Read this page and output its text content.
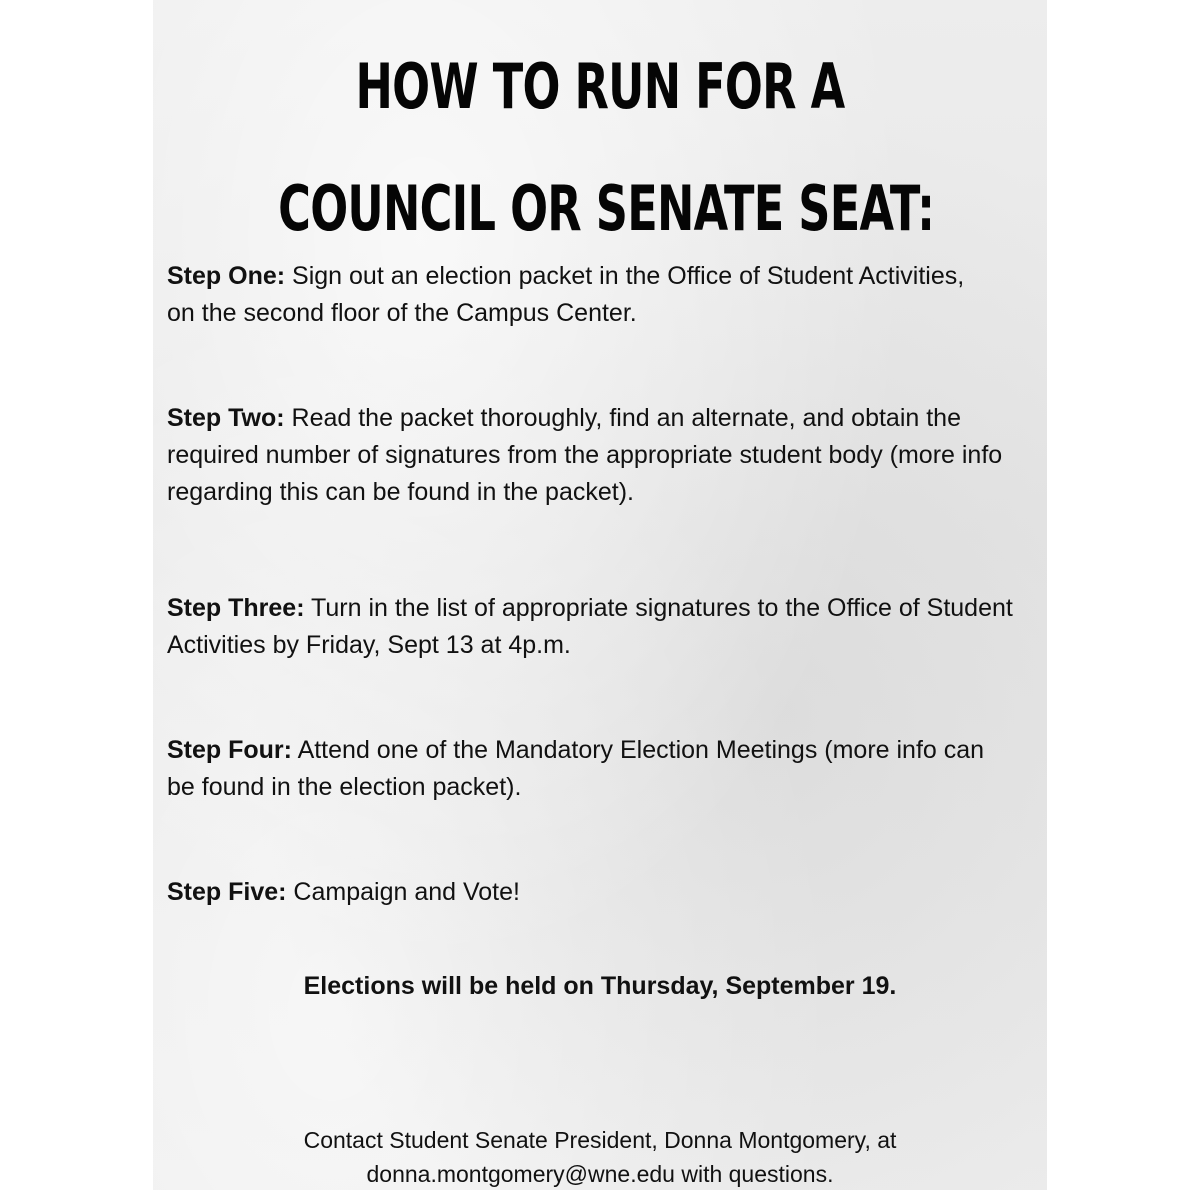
HOW TO RUN FOR A
COUNCIL OR SENATE SEAT:

Step One: Sign out an election packet in the Office of Student Activities, on the second floor of the Campus Center.

Step Two: Read the packet thoroughly, find an alternate, and obtain the required number of signatures from the appropriate student body (more info regarding this can be found in the packet).

Step Three: Turn in the list of appropriate signatures to the Office of Student Activities by Friday, Sept 13 at 4p.m.

Step Four: Attend one of the Mandatory Election Meetings (more info can be found in the election packet).

Step Five: Campaign and Vote!

Elections will be held on Thursday, September 19.

Contact Student Senate President, Donna Montgomery, at
donna.montgomery@wne.edu with questions.
